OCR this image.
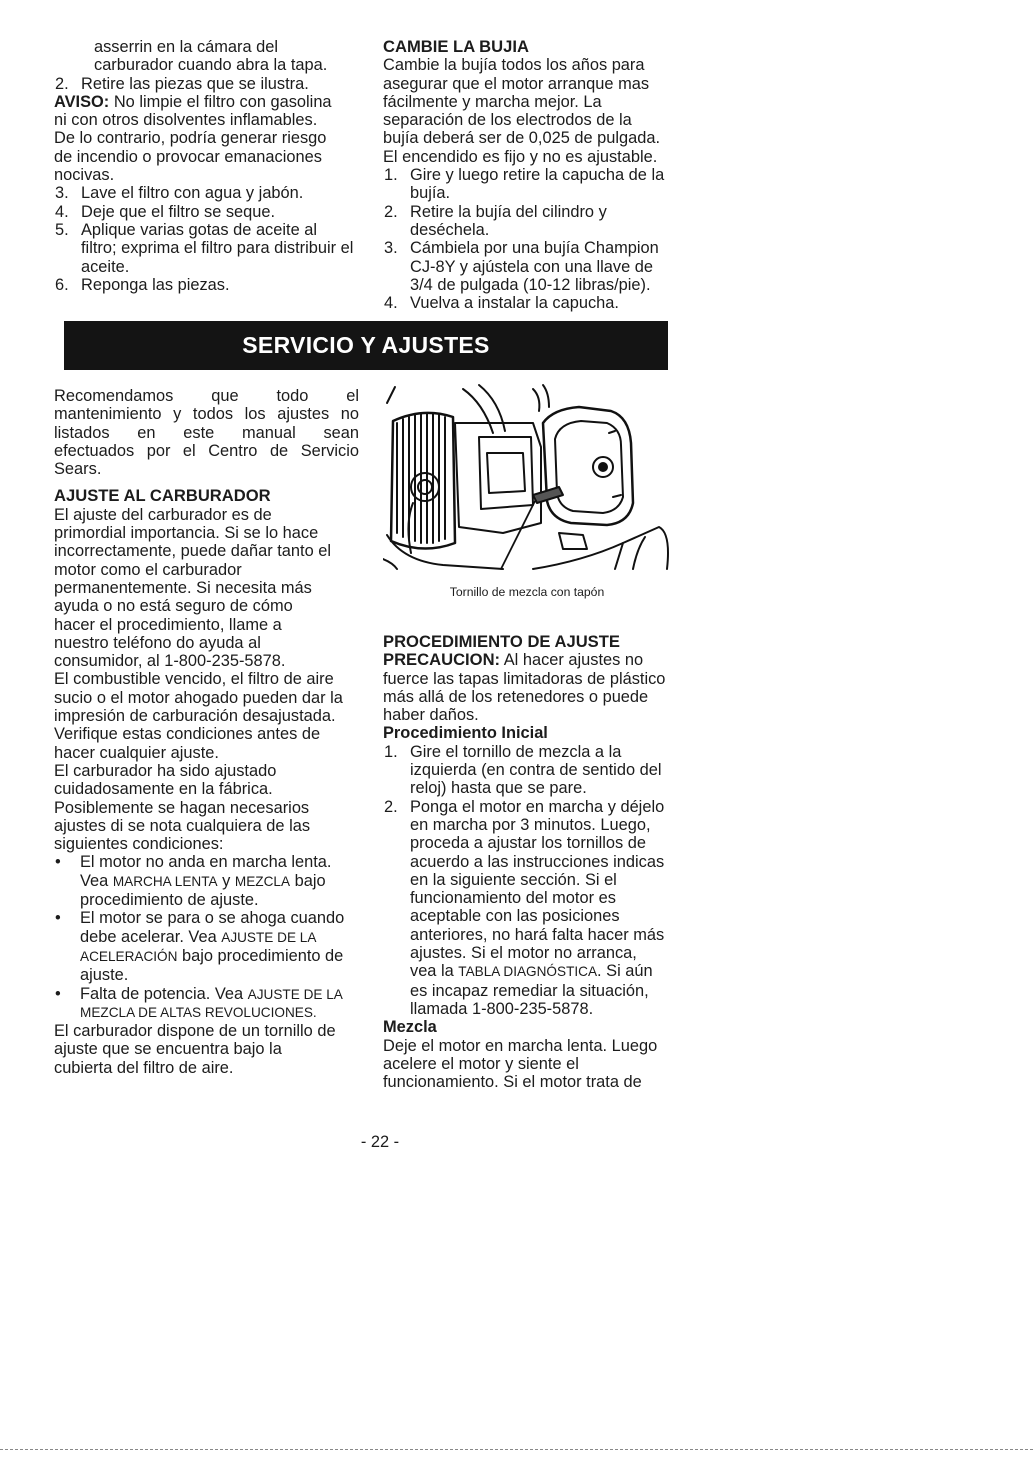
asserrin en la cámara del

carburador cuando abra la tapa.

2. Retire las piezas que se ilustra.

AVISO: No limpie el filtro con gasolina

ni con otros disolventes inflamables.

De lo contrario, podría generar riesgo

de incendio o provocar emanaciones

nocivas.

3. Lave el filtro con agua y jabón.
4. Deje que el filtro se seque.
5. Aplique varias gotas de aceite al

filtro; exprima el filtro para distribuir el

aceite.

6. Reponga las piezas.

CAMBIE LA BUJIA

Cambie la bujía todos los años para

asegurar que el motor arranque mas

fácilmente y marcha mejor. La

separación de los electrodos de la

bujía deberá ser de 0,025 de pulgada.

El encendido es fijo y no es ajustable.

1. Gire y luego retire la capucha de la

bujía.

2. Retire la bujía del cilindro y

deséchela.

3. Cámbiela por una bujía Champion

CJ-8Y y ajústela con una llave de

3/4 de pulgada (10-12 libras/pie).

4. Vuelva a instalar la capucha.
SERVICIO Y AJUSTES

Recomendamos que todo el

mantenimiento y todos los ajustes no

listados en este manual sean

efectuados por el Centro de Servicio

Sears.

AJUSTE AL CARBURADOR

El ajuste del carburador es de

primordial importancia. Si se lo hace

incorrectamente, puede dañar tanto el

motor como el carburador

permanentemente. Si necesita más

ayuda o no está seguro de cómo

hacer el procedimiento, llame a

nuestro teléfono do ayuda al

consumidor, al 1-800-235-5878.

El combustible vencido, el filtro de aire

sucio o el motor ahogado pueden dar la

impresión de carburación desajustada.

Verifique estas condiciones antes de

hacer cualquier ajuste.

El carburador ha sido ajustado

cuidadosamente en la fábrica.

Posiblemente se hagan necesarios

ajustes di se nota cualquiera de las

siguientes condiciones:

• El motor no anda en marcha lenta.

Vea MARCHA LENTA y MEZCLA bajo

procedimiento de ajuste.

• El motor se para o se ahoga cuando

debe acelerar. Vea AJUSTE DE LA

ACELERACIÓN bajo procedimiento de

ajuste.

• Falta de potencia. Vea AJUSTE DE LA

MEZCLA DE ALTAS REVOLUCIONES.

El carburador dispone de un tornillo de

ajuste que se encuentra bajo la

cubierta del filtro de aire.

Tornillo de mezcla con tapón

PROCEDIMIENTO DE AJUSTE

PRECAUCION: Al hacer ajustes no

fuerce las tapas limitadoras de plástico

más allá de los retenedores o puede

haber daños.

Procedimiento Inicial

1. Gire el tornillo de mezcla a la

izquierda (en contra de sentido del

reloj) hasta que se pare.

2. Ponga el motor en marcha y déjelo

en marcha por 3 minutos. Luego,

proceda a ajustar los tornillos de

acuerdo a las instrucciones indicas

en la siguiente sección. Si el

funcionamiento del motor es

aceptable con las posiciones

anteriores, no hará falta hacer más

ajustes. Si el motor no arranca,

vea la TABLA DIAGNÓSTICA. Si aún

es incapaz remediar la situación,

llamada 1-800-235-5878.

Mezcla

Deje el motor en marcha lenta. Luego

acelere el motor y siente el

funcionamiento. Si el motor trata de

- 22 -
